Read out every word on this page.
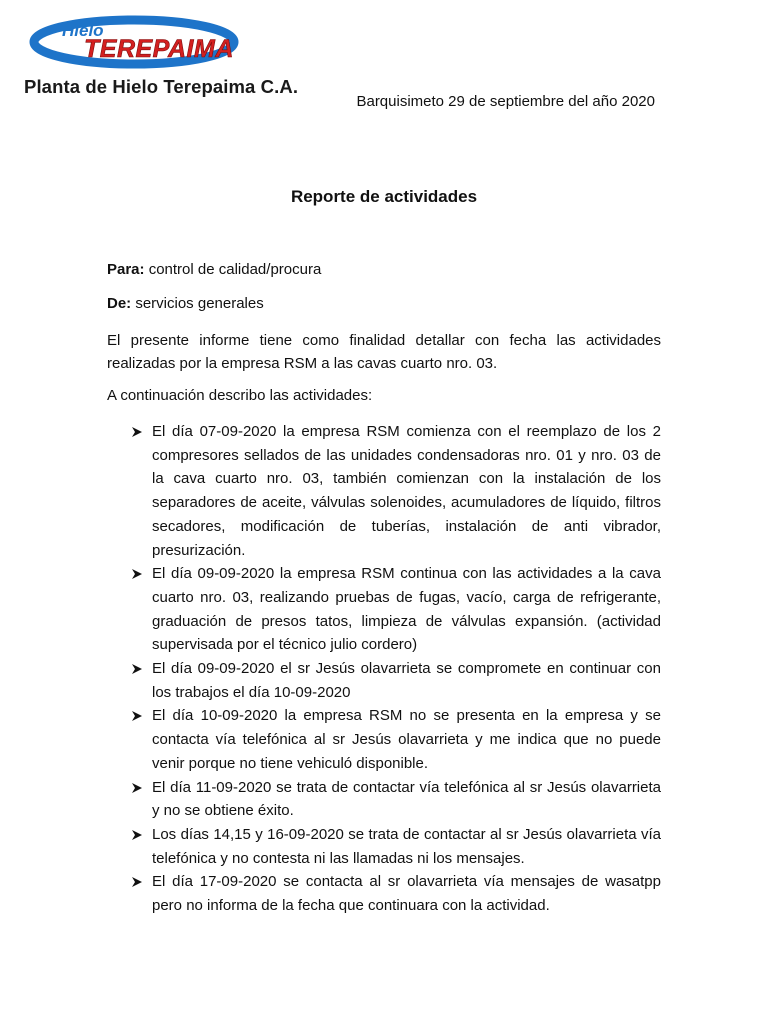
Hielo
TEREPAIMA
Planta de Hielo Terepaima C.A.
Barquisimeto 29 de septiembre del año 2020
Reporte de actividades
Para: control de calidad/procura
De: servicios generales
El presente informe tiene como finalidad detallar con fecha las actividades realizadas por la empresa RSM a las cavas cuarto nro. 03.
A continuación describo las actividades:
El día 07-09-2020 la empresa RSM comienza con el reemplazo de los 2 compresores sellados de las unidades condensadoras nro. 01 y nro. 03 de la cava cuarto nro. 03, también comienzan con la instalación de los separadores de aceite, válvulas solenoides, acumuladores de líquido, filtros secadores, modificación de tuberías, instalación de anti vibrador, presurización.
El día 09-09-2020 la empresa RSM continua con las actividades a la cava cuarto nro. 03, realizando pruebas de fugas, vacío, carga de refrigerante, graduación de presos tatos, limpieza de válvulas expansión. (actividad supervisada por el técnico julio cordero)
El día 09-09-2020 el sr Jesús olavarrieta se compromete en continuar con los trabajos el día 10-09-2020
El día 10-09-2020 la empresa RSM no se presenta en la empresa y se contacta vía telefónica al sr Jesús olavarrieta y me indica que no puede venir porque no tiene vehiculó disponible.
El día 11-09-2020 se trata de contactar vía telefónica al sr Jesús olavarrieta y no se obtiene éxito.
Los días 14,15 y 16-09-2020 se trata de contactar al sr Jesús olavarrieta vía telefónica y no contesta ni las llamadas ni los mensajes.
El día 17-09-2020 se contacta al sr olavarrieta vía mensajes de wasatpp pero no informa de la fecha que continuara con la actividad.
